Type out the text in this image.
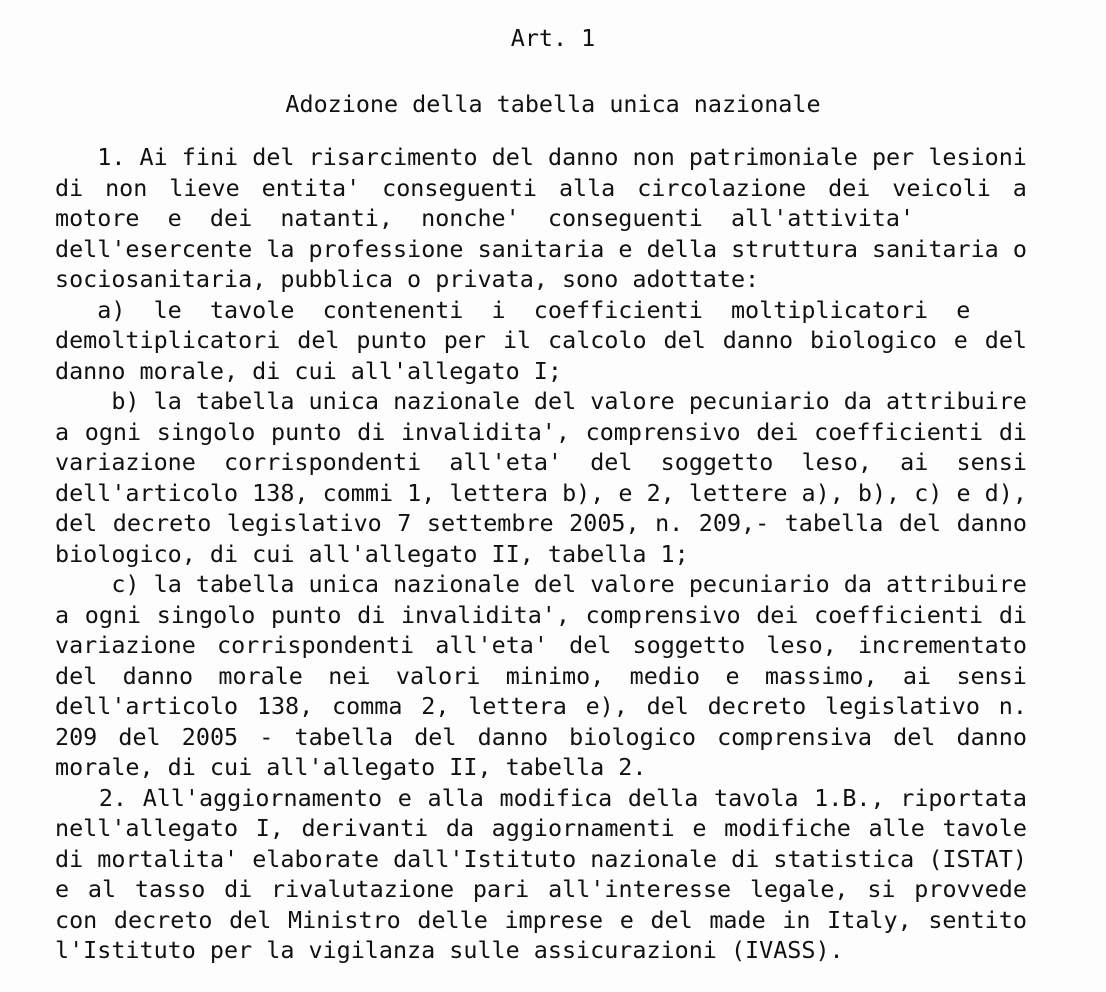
Art. 1
Adozione della tabella unica nazionale

1. Ai fini del risarcimento del danno non patrimoniale per lesioni
di non lieve entita' conseguenti alla circolazione dei veicoli a
motore  e  dei  natanti,  nonche'  conseguenti  all'attivita'
dell'esercente la professione sanitaria e della struttura sanitaria o
sociosanitaria, pubblica o privata, sono adottate:
a)  le  tavole  contenenti  i  coefficienti  moltiplicatori  e
demoltiplicatori del punto per il calcolo del danno biologico e del
danno morale, di cui all'allegato I;

b) la tabella unica nazionale del valore pecuniario da attribuire
a ogni singolo punto di invalidita', comprensivo dei coefficienti di
variazione corrispondenti all'eta' del soggetto leso, ai sensi
dell'articolo 138, commi 1, lettera b), e 2, lettere a), b), c) e d),
del decreto legislativo 7 settembre 2005, n. 209,- tabella del danno
biologico, di cui all'allegato II, tabella 1;

c) la tabella unica nazionale del valore pecuniario da attribuire
a ogni singolo punto di invalidita', comprensivo dei coefficienti di
variazione corrispondenti all'eta' del soggetto leso, incrementato
del danno morale nei valori minimo, medio e massimo, ai sensi
dell'articolo 138, comma 2, lettera e), del decreto legislativo n.
209 del 2005 - tabella del danno biologico comprensiva del danno
morale, di cui all'allegato II, tabella 2.

2. All'aggiornamento e alla modifica della tavola 1.B., riportata
nell'allegato I, derivanti da aggiornamenti e modifiche alle tavole
di mortalita' elaborate dall'Istituto nazionale di statistica (ISTAT)
e al tasso di rivalutazione pari all'interesse legale, si provvede
con decreto del Ministro delle imprese e del made in Italy, sentito
l'Istituto per la vigilanza sulle assicurazioni (IVASS).
